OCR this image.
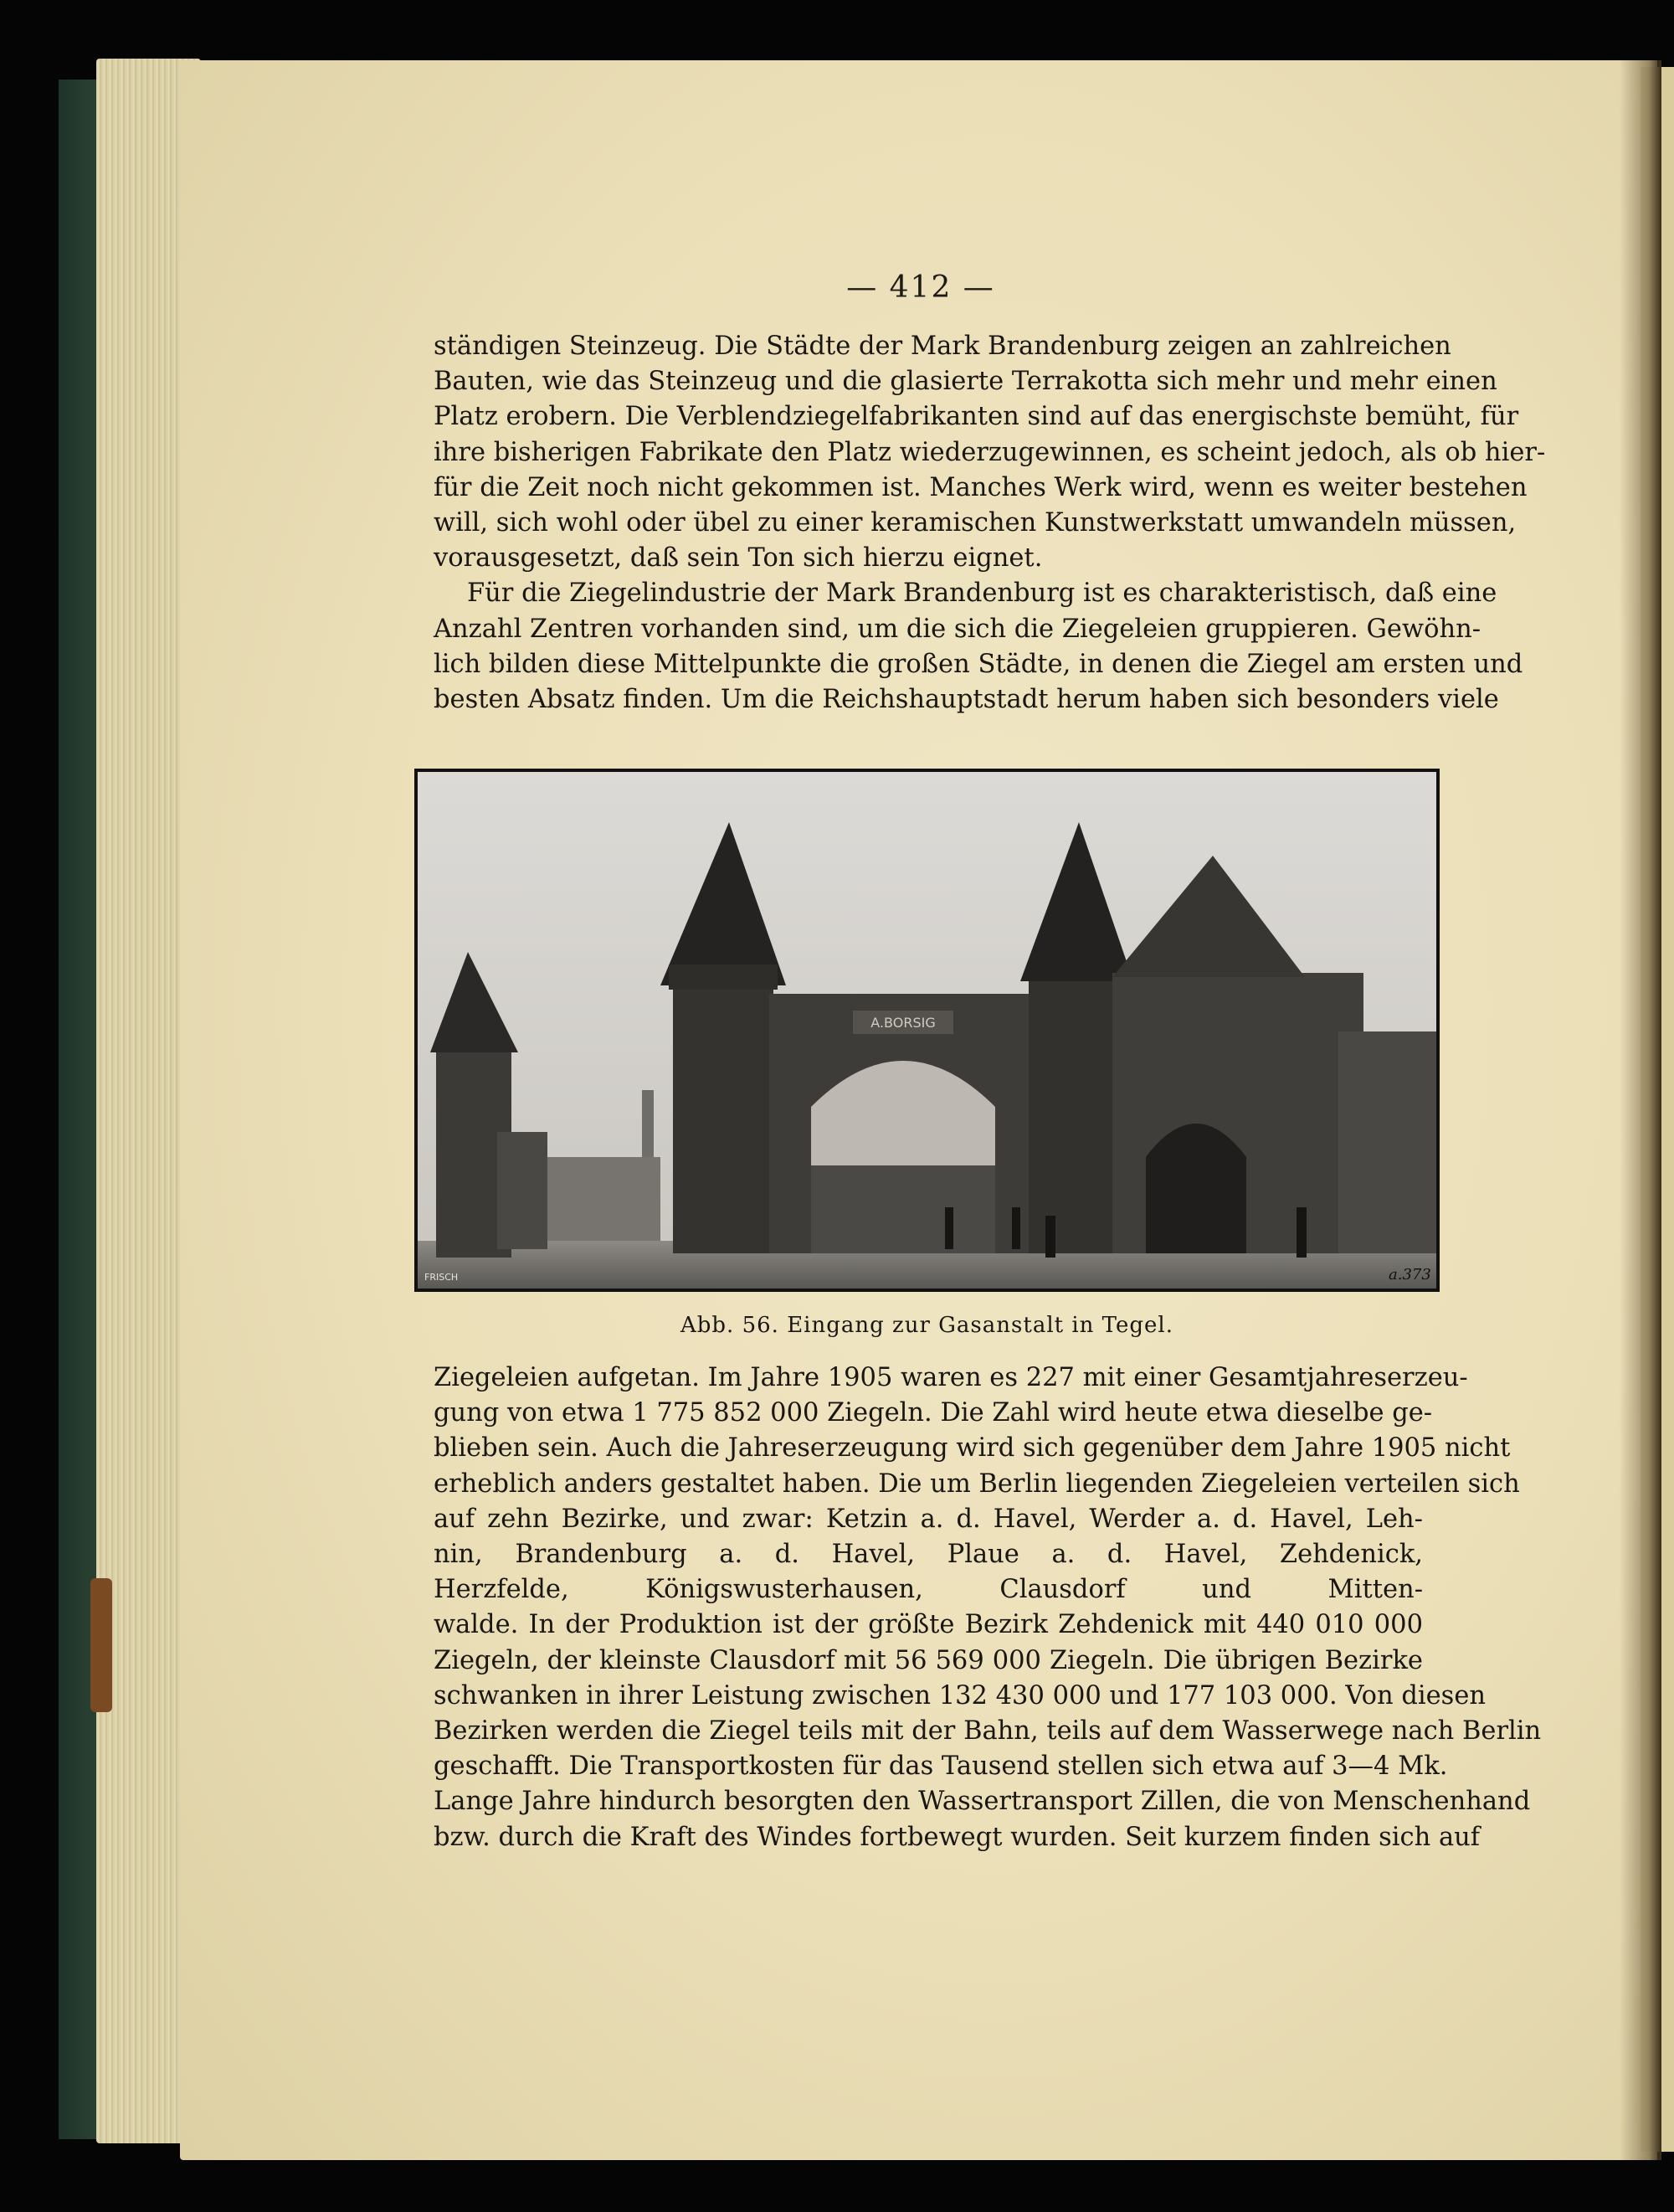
— 412 —
ständigen Steinzeug. Die Städte der Mark Brandenburg zeigen an zahlreichen
Bauten, wie das Steinzeug und die glasierte Terrakotta sich mehr und mehr einen
Platz erobern. Die Verblendziegelfabrikanten sind auf das energischste bemüht, für
ihre bisherigen Fabrikate den Platz wiederzugewinnen, es scheint jedoch, als ob hier-
für die Zeit noch nicht gekommen ist. Manches Werk wird, wenn es weiter bestehen
will, sich wohl oder übel zu einer keramischen Kunstwerkstatt umwandeln müssen,
vorausgesetzt, daß sein Ton sich hierzu eignet.
Für die Ziegelindustrie der Mark Brandenburg ist es charakteristisch, daß eine
Anzahl Zentren vorhanden sind, um die sich die Ziegeleien gruppieren. Gewöhn-
lich bilden diese Mittelpunkte die großen Städte, in denen die Ziegel am ersten und
besten Absatz finden. Um die Reichshauptstadt herum haben sich besonders viele
A.BORSIG
FRISCH	a.373
Abb. 56. Eingang zur Gasanstalt in Tegel.
Ziegeleien aufgetan. Im Jahre 1905 waren es 227 mit einer Gesamtjahreserzeu-
gung von etwa 1 775 852 000 Ziegeln. Die Zahl wird heute etwa dieselbe ge-
blieben sein. Auch die Jahreserzeugung wird sich gegenüber dem Jahre 1905 nicht
erheblich anders gestaltet haben. Die um Berlin liegenden Ziegeleien verteilen sich
auf zehn Bezirke, und zwar: Ketzin a. d. Havel, Werder a. d. Havel, Leh-
nin, Brandenburg a. d. Havel, Plaue a. d. Havel, Zehdenick,
Herzfelde, Königswusterhausen, Clausdorf und Mitten-
walde. In der Produktion ist der größte Bezirk Zehdenick mit 440 010 000
Ziegeln, der kleinste Clausdorf mit 56 569 000 Ziegeln. Die übrigen Bezirke
schwanken in ihrer Leistung zwischen 132 430 000 und 177 103 000. Von diesen
Bezirken werden die Ziegel teils mit der Bahn, teils auf dem Wasserwege nach Berlin
geschafft. Die Transportkosten für das Tausend stellen sich etwa auf 3—4 Mk.
Lange Jahre hindurch besorgten den Wassertransport Zillen, die von Menschenhand
bzw. durch die Kraft des Windes fortbewegt wurden. Seit kurzem finden sich auf
